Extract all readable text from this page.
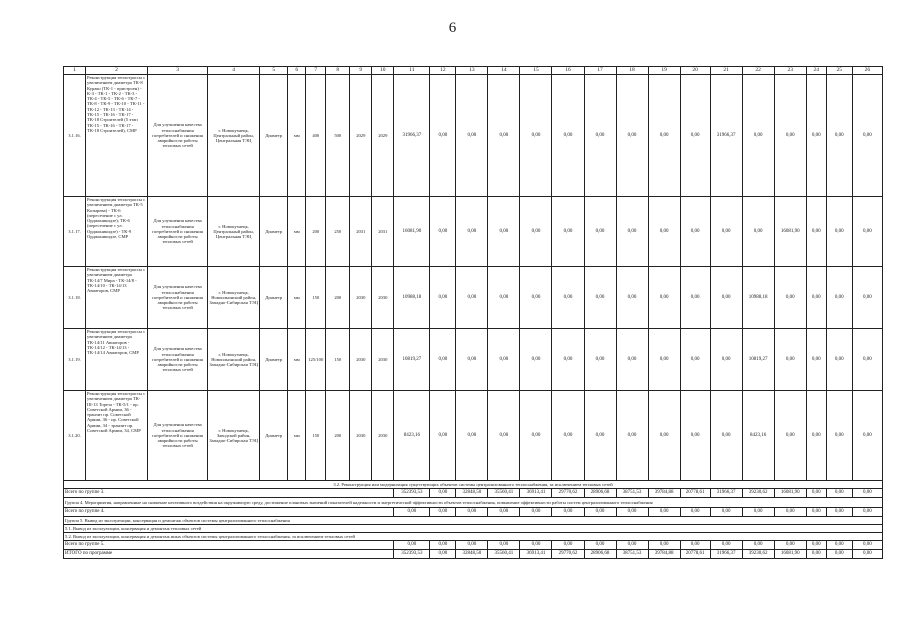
6
1	2	3	4	5	6	7	8	9	10	11	12	13	14	15	16	17	18	19	20	21	22	23	24	25	26
3.1.16.	Реконструкция теплотрассы с увеличением диаметра ТК-8 Курако (ТК-1 - пристроен) - К-3 - ТК-1 - ТК-2 - ТК-3 - ТК-4 - ТК-5 - ТК-6 - ТК-7 - ТК-8 - ТК-9 - ТК-10 - ТК-11 - ТК-12 - ТК-13 - ТК-14 - ТК-15 - ТК-16 - ТК-17 - ТК-18 Строителей (5 этап ТК-15 - ТК-16 - ТК-17 - ТК-18 Строителей), СМР	Для улучшения качества теплоснабжения потребителей и снижения аварийности работы тепловых сетей	г. Новокузнецк, Центральный район, Центральная ТЭЦ	Диаметр	мм	400	500	2029	2029	31966,37	0,00	0,00	0,00	0,00	0,00	0,00	0,00	0,00	0,00	31966,37	0,00	0,00	0,00	0,00	0,00
3.1.17.	Реконструкция теплотрассы с увеличением диаметра ТК-5 Козырева) - ТК-6 (пересечение с ул. Орджоникидзе); ТК-6 (пересечение с ул. Орджоникидзе) - ТК-9 Орджоникидзе, СМР	Для улучшения качества теплоснабжения потребителей и снижения аварийности работы тепловых сетей	г. Новокузнецк, Центральный район, Центральная ТЭЦ	Диаметр	мм	200	250	2031	2031	16081,90	0,00	0,00	0,00	0,00	0,00	0,00	0,00	0,00	0,00	0,00	0,00	16081,90	0,00	0,00	0,00
3.1.18.	Реконструкция теплотрассы с увеличением диаметра ТК-14/7 Мира - ТК-14/8 - ТК-14/10 - ТК-14/13 Авиаторов, СМР	Для улучшения качества теплоснабжения потребителей и снижения аварийности работы тепловых сетей	г. Новокузнецк, Новоильинский район, Западно-Сибирская ТЭЦ	Диаметр	мм	150	200	2030	2030	10988,18	0,00	0,00	0,00	0,00	0,00	0,00	0,00	0,00	0,00	0,00	10988,18	0,00	0,00	0,00	0,00
3.1.19.	Реконструкция теплотрассы с увеличением диаметра ТК-14/11 Авиаторов - ТК-14/12 - ТК-14/13 - ТК-14/14 Авиаторов, СМР	Для улучшения качества теплоснабжения потребителей и снижения аварийности работы тепловых сетей	г. Новокузнецк, Новоильинский район, Западно-Сибирская ТЭЦ	Диаметр	мм	125/100	150	2030	2030	10819,27	0,00	0,00	0,00	0,00	0,00	0,00	0,00	0,00	0,00	0,00	10819,27	0,00	0,00	0,00	0,00
3.1.20.	Реконструкция теплотрассы с увеличением диаметра ТК-III-13 Тореза - ТК-5/1 - пр. Советской Армии, 36 - транзит пр. Советской Армии, 36 - пр. Советской Армии, 34 - транзит пр. Советской Армии, 34, СМР	Для улучшения качества теплоснабжения потребителей и снижения аварийности работы тепловых сетей	г. Новокузнецк, Заводской район, Западно-Сибирская ТЭЦ	Диаметр	мм	150	200	2030	2030	8423,16	0,00	0,00	0,00	0,00	0,00	0,00	0,00	0,00	0,00	0,00	8423,16	0,00	0,00	0,00	0,00
3.2. Реконструкция или модернизация существующих объектов системы централизованного теплоснабжения, за исключением тепловых сетей																									
Всего по группе 3.										352393,53	0,00	32848,50	35560,41	36913,41	29770,62	28906,68	38751,53	39784,88	20778,61	31966,37	39230,62	16081,90	0,00	0,00	0,00
Группа 4. Мероприятия, направленные на снижение негативного воздействия на окружающую среду, достижение плановых значений показателей надежности и энергетической эффективности объектов теплоснабжения, повышение эффективности работы систем централизованного теплоснабжения																									
Всего по группе 4.										0,00	0,00	0,00	0,00	0,00	0,00	0,00	0,00	0,00	0,00	0,00	0,00	0,00	0,00	0,00	0,00
Группа 5. Вывод из эксплуатации, консервация и демонтаж объектов системы централизованного теплоснабжения																									
5.1. Вывод из эксплуатации, консервация и демонтаж тепловых сетей																									
5.2. Вывод из эксплуатации, консервация и демонтаж иных объектов системы централизованного теплоснабжения, за исключением тепловых сетей																									
Всего по группе 5.										0,00	0,00	0,00	0,00	0,00	0,00	0,00	0,00	0,00	0,00	0,00	0,00	0,00	0,00	0,00	0,00
ИТОГО по программе										352393,53	0,00	32848,50	35560,41	36913,41	29770,62	28906,68	38751,53	39784,88	20778,61	31966,37	39230,62	16081,90	0,00	0,00	0,00
